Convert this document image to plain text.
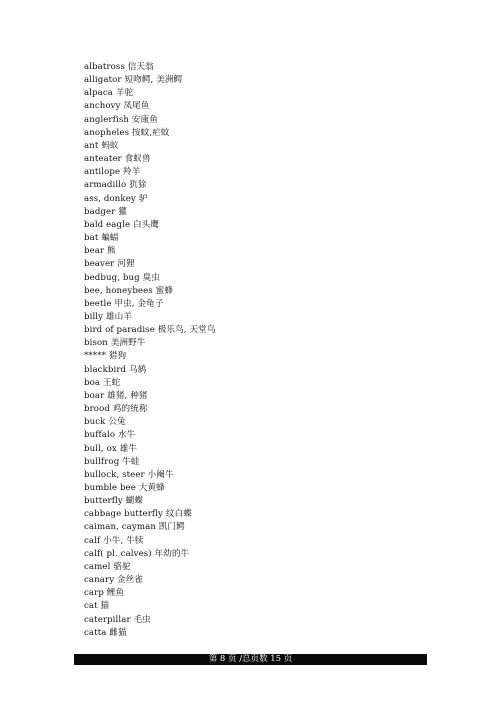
albatross 信天翁
alligator 短吻鳄, 美洲鳄
alpaca 羊驼
anchovy 凤尾鱼
anglerfish 安康鱼
anopheles 按蚊,疟蚊
ant 蚂蚁
anteater 食蚁兽
antilope 羚羊
armadillo 犰狳
ass, donkey 驴
badger 獾
bald eagle 白头鹰
bat 蝙蝠
bear 熊
beaver 河狸
bedbug, bug 臭虫
bee, honeybees 蜜蜂
beetle 甲虫, 金龟子
billy 雄山羊
bird of paradise 极乐鸟, 天堂鸟
bison 美洲野牛
***** 猎狗
blackbird 乌鸫
boa 王蛇
boar 雄猪, 种猪
brood 鸡的统称
buck 公兔
buffalo 水牛
bull, ox 雄牛
bullfrog 牛蛙
bullock, steer 小阉牛
bumble bee 大黄蜂
butterfly 蝴蝶
cabbage butterfly 纹白蝶
caiman, cayman 凯门鳄
calf 小牛, 牛犊
calf( pl. calves) 年幼的牛
camel 骆驼
canary 金丝雀
carp 鲤鱼
cat 猫
caterpillar 毛虫
catta 雌猫
第 8 页 /总页数 15 页
